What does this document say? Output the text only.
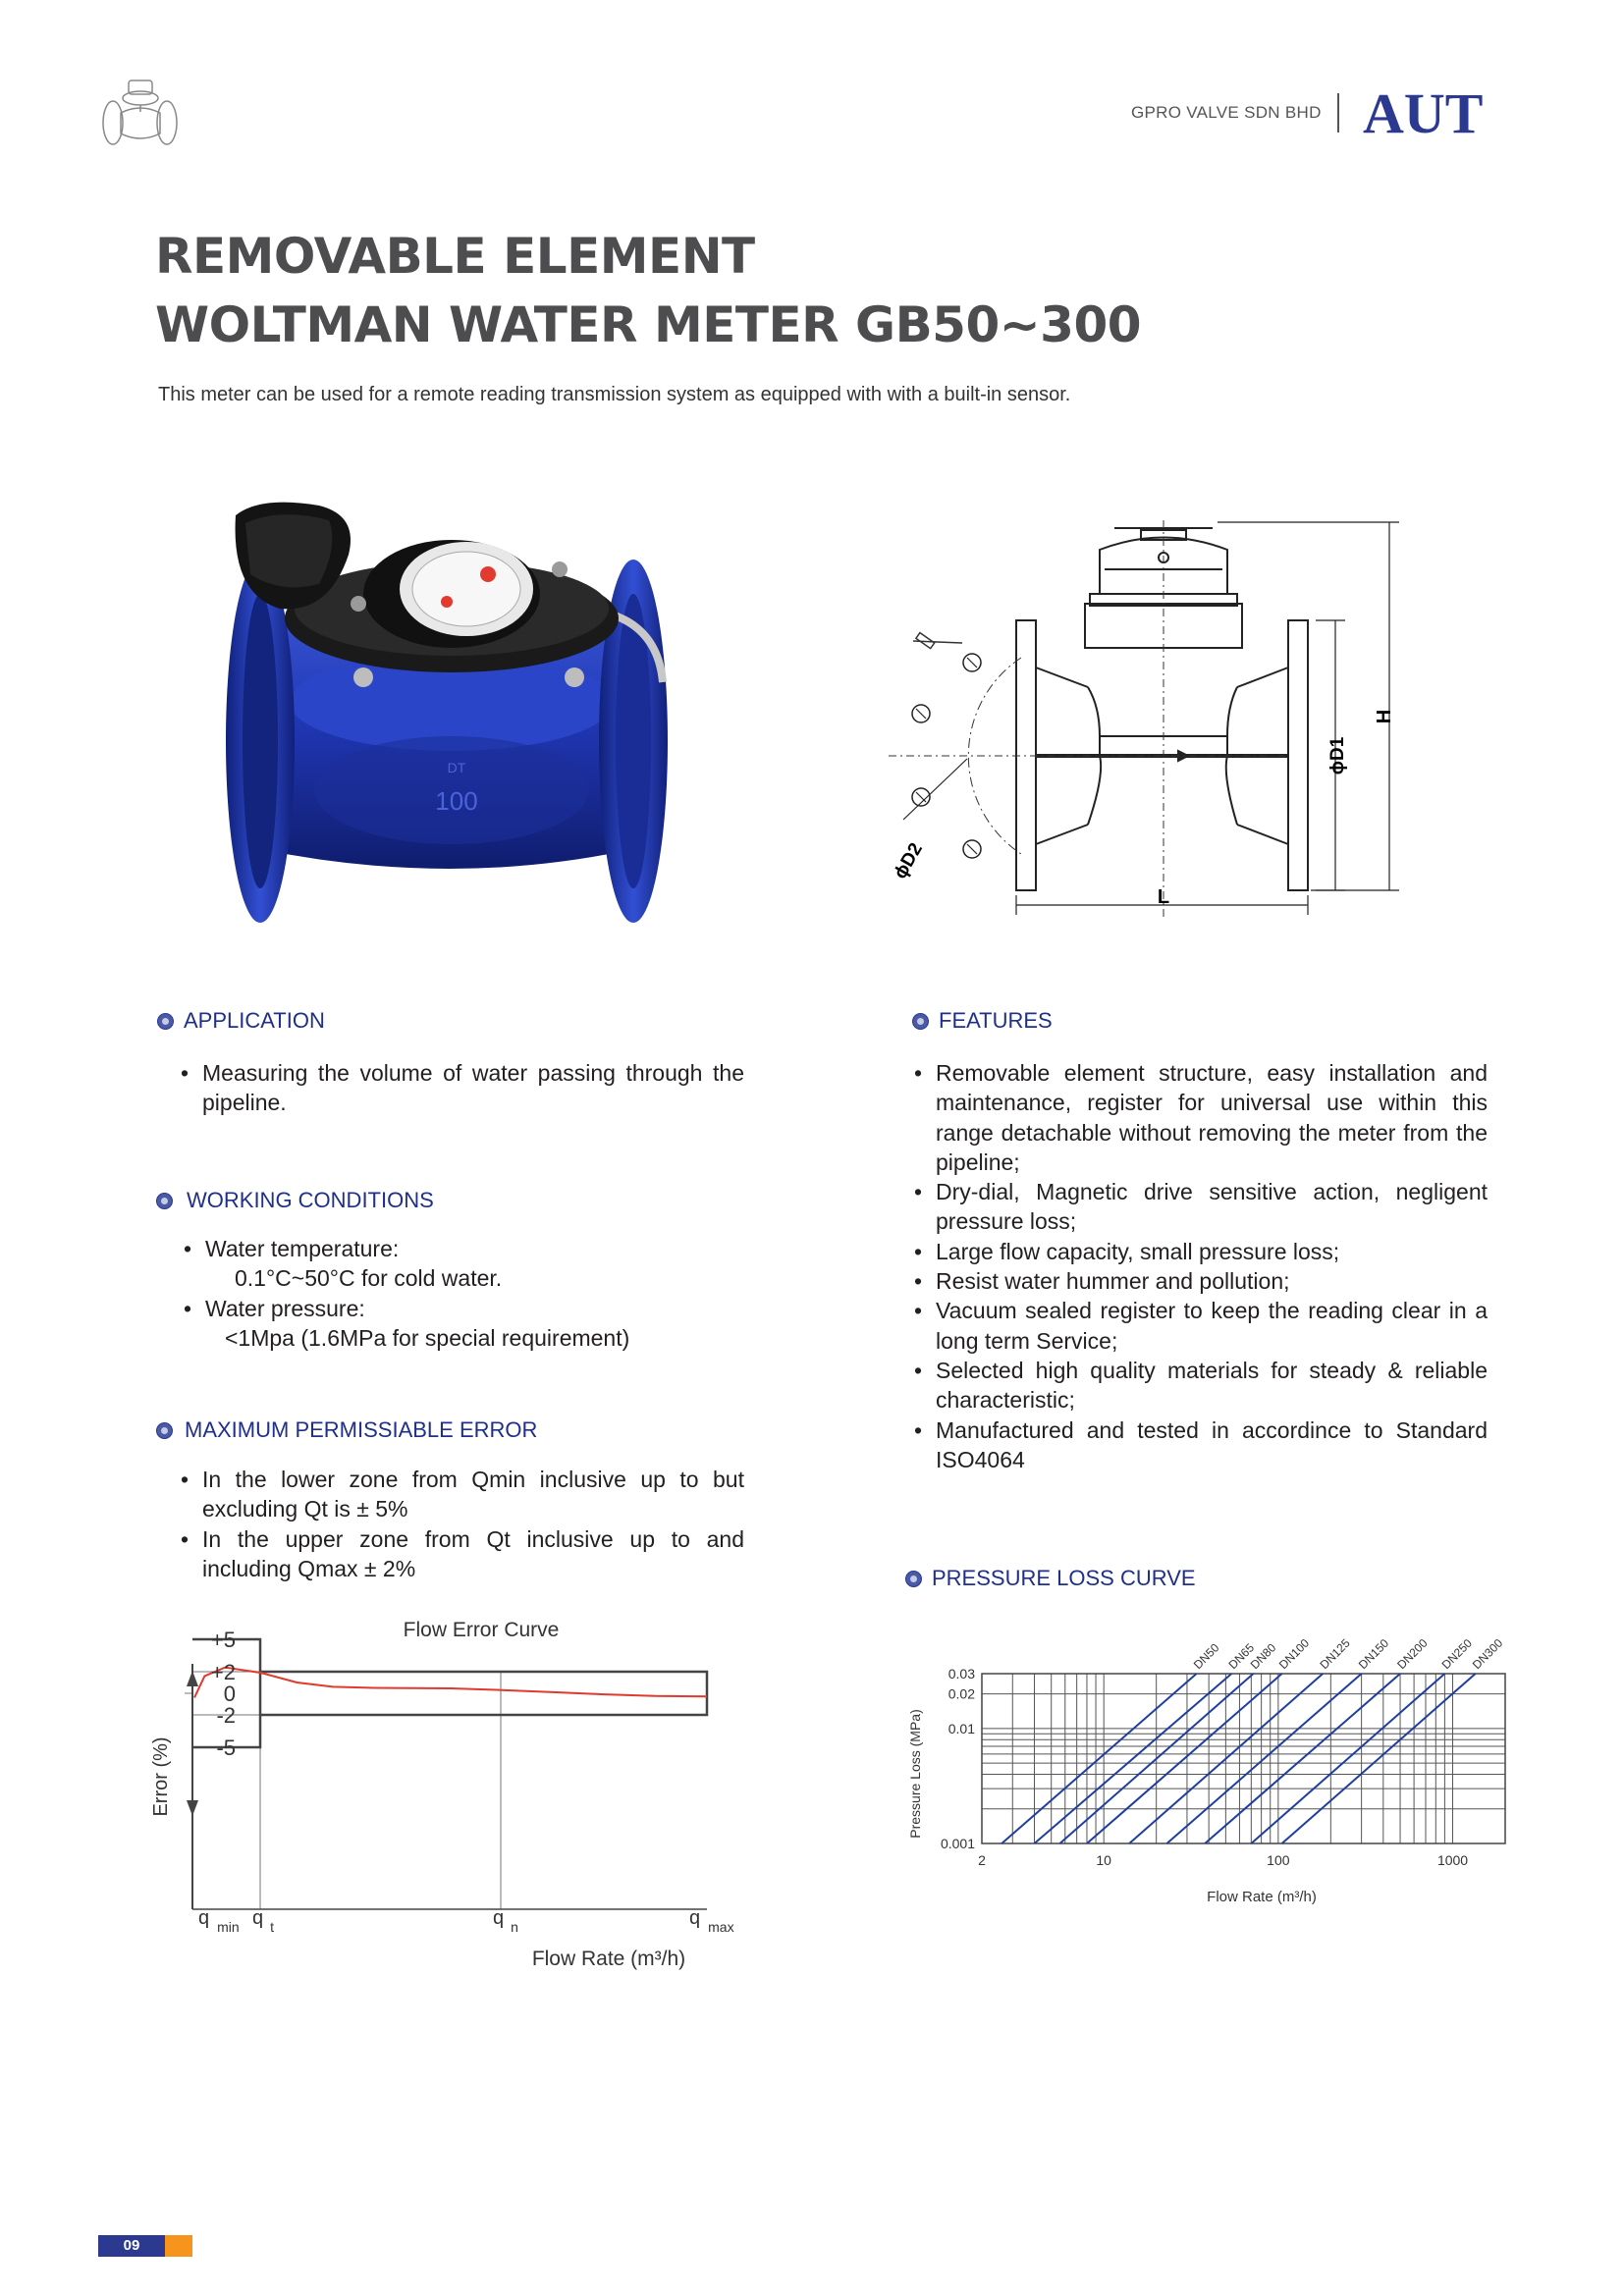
GPRO VALVE SDN BHD AUT
REMOVABLE ELEMENT
WOLTMAN WATER METER GB50~300
This meter can be used for a remote reading transmission system as equipped with with a built-in sensor.
100
DT
L
H
ϕD1
ϕD2
APPLICATION
• Measuring the volume of water passing through the pipeline.
WORKING CONDITIONS
• Water temperature:
0.1°C~50°C for cold water.
• Water pressure:
<1Mpa (1.6MPa for special requirement)
MAXIMUM PERMISSIABLE ERROR
• In the lower zone from Qmin inclusive up to but excluding Qt is ± 5%
• In the upper zone from Qt inclusive up to and including Qmax ± 2%
FEATURES
• Removable element structure, easy installation and maintenance, register for universal use within this range detachable without removing the meter from the pipeline;
• Dry-dial, Magnetic drive sensitive action, negligent pressure loss;
• Large flow capacity, small pressure loss;
• Resist water hummer and pollution;
• Vacuum sealed register to keep the reading clear in a long term Service;
• Selected high quality materials for steady & reliable characteristic;
• Manufactured and tested in accordince to Standard ISO4064
PRESSURE LOSS CURVE
Flow Error Curve
+5
+2
0
-2
-5
Error (%)
q $_{min}$ q $_t$	q $_n$	q $_{max}$
Flow Rate (m³/h)
DN50 DN65
DN80
DN100 DN125 DN150 DN200 DN250
DN300
0.03
0.02
0.01
0.001
2	10	100	1000
Pressure Loss (MPa)
Flow Rate (m³/h)
09
